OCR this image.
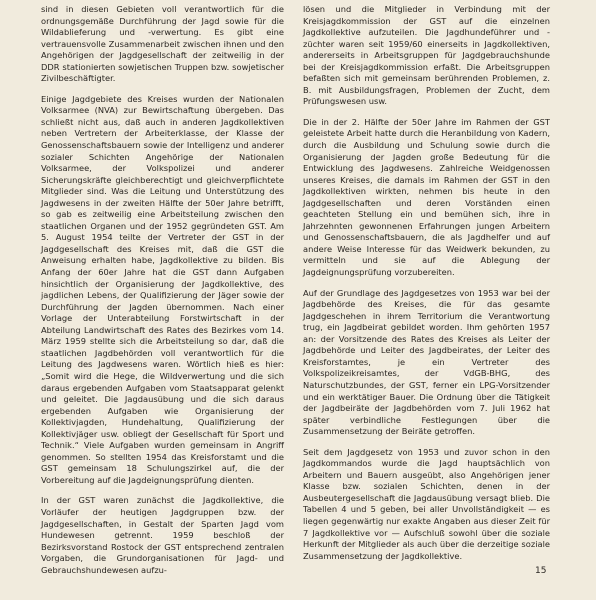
sind in diesen Gebieten voll verantwortlich für die ordnungsgemäße Durchführung der Jagd sowie für die Wildablieferung und -verwertung. Es gibt eine vertrauensvolle Zusammenarbeit zwischen ihnen und den Angehörigen der Jagdgesellschaft der zeitweilig in der DDR stationierten sowjetischen Truppen bzw. sowjetischer Zivilbeschäftigter.

Einige Jagdgebiete des Kreises wurden der Nationalen Volksarmee (NVA) zur Bewirtschaftung übergeben. Das schließt nicht aus, daß auch in anderen Jagdkollektiven neben Vertretern der Arbeiterklasse, der Klasse der Genossenschaftsbauern sowie der Intelligenz und anderer sozialer Schichten Angehörige der Nationalen Volksarmee, der Volkspolizei und anderer Sicherungskräfte gleichberechtigt und gleichverpflichtete Mitglieder sind. Was die Leitung und Unterstützung des Jagdwesens in der zweiten Hälfte der 50er Jahre betrifft, so gab es zeitweilig eine Arbeitsteilung zwischen den staatlichen Organen und der 1952 gegründeten GST. Am 5. August 1954 teilte der Vertreter der GST in der Jagdgesellschaft des Kreises mit, daß die GST die Anweisung erhalten habe, Jagdkollektive zu bilden. Bis Anfang der 60er Jahre hat die GST dann Aufgaben hinsichtlich der Organisierung der Jagdkollektive, des jagdlichen Lebens, der Qualifizierung der Jäger sowie der Durchführung der Jagden übernommen. Nach einer Vorlage der Unterabteilung Forstwirtschaft in der Abteilung Landwirtschaft des Rates des Bezirkes vom 14. März 1959 stellte sich die Arbeitsteilung so dar, daß die staatlichen Jagdbehörden voll verantwortlich für die Leitung des Jagdwesens waren. Wörtlich hieß es hier: „Somit wird die Hege, die Wildverwertung und die sich daraus ergebenden Aufgaben vom Staatsapparat gelenkt und geleitet. Die Jagdausübung und die sich daraus ergebenden Aufgaben wie Organisierung der Kollektivjagden, Hundehaltung, Qualifizierung der Kollektivjäger usw. obliegt der Gesellschaft für Sport und Technik.“ Viele Aufgaben wurden gemeinsam in Angriff genommen. So stellten 1954 das Kreisforstamt und die GST gemeinsam 18 Schulungszirkel auf, die der Vorbereitung auf die Jagdeignungsprüfung dienten.

In der GST waren zunächst die Jagdkollektive, die Vorläufer der heutigen Jagdgruppen bzw. der Jagdgesellschaften, in Gestalt der Sparten Jagd vom Hundewesen getrennt. 1959 beschloß der Bezirksvorstand Rostock der GST entsprechend zentralen Vorgaben, die Grundorganisationen für Jagd- und Gebrauchshundewesen aufzu-

lösen und die Mitglieder in Verbindung mit der Kreisjagdkommission der GST auf die einzelnen Jagdkollektive aufzuteilen. Die Jagdhundeführer und -züchter waren seit 1959/60 einerseits in Jagdkollektiven, andererseits in Arbeitsgruppen für Jagdgebrauchshunde bei der Kreisjagdkommission erfaßt. Die Arbeitsgruppen befaßten sich mit gemeinsam berührenden Problemen, z. B. mit Ausbildungsfragen, Problemen der Zucht, dem Prüfungswesen usw.

Die in der 2. Hälfte der 50er Jahre im Rahmen der GST geleistete Arbeit hatte durch die Heranbildung von Kadern, durch die Ausbildung und Schulung sowie durch die Organisierung der Jagden große Bedeutung für die Entwicklung des Jagdwesens. Zahlreiche Weidgenossen unseres Kreises, die damals im Rahmen der GST in den Jagdkollektiven wirkten, nehmen bis heute in den Jagdgesellschaften und deren Vorständen einen geachteten Stellung ein und bemühen sich, ihre in Jahrzehnten gewonnenen Erfahrungen jungen Arbeitern und Genossenschaftsbauern, die als Jagdhelfer und auf andere Weise Interesse für das Weidwerk bekunden, zu vermitteln und sie auf die Ablegung der Jagdeignungsprüfung vorzubereiten.

Auf der Grundlage des Jagdgesetzes von 1953 war bei der Jagdbehörde des Kreises, die für das gesamte Jagdgeschehen in ihrem Territorium die Verantwortung trug, ein Jagdbeirat gebildet worden. Ihm gehörten 1957 an: der Vorsitzende des Rates des Kreises als Leiter der Jagdbehörde und Leiter des Jagdbeirates, der Leiter des Kreisforstamtes, je ein Vertreter des Volkspolizeikreisamtes, der VdGB-BHG, des Naturschutzbundes, der GST, ferner ein LPG-Vorsitzender und ein werktätiger Bauer. Die Ordnung über die Tätigkeit der Jagdbeiräte der Jagdbehörden vom 7. Juli 1962 hat später verbindliche Festlegungen über die Zusammensetzung der Beiräte getroffen.

Seit dem Jagdgesetz von 1953 und zuvor schon in den Jagdkommandos wurde die Jagd hauptsächlich von Arbeitern und Bauern ausgeübt, also Angehörigen jener Klasse bzw. sozialen Schichten, denen in der Ausbeutergesellschaft die Jagdausübung versagt blieb. Die Tabellen 4 und 5 geben, bei aller Unvollständigkeit — es liegen gegenwärtig nur exakte Angaben aus dieser Zeit für 7 Jagdkollektive vor — Aufschluß sowohl über die soziale Herkunft der Mitglieder als auch über die derzeitige soziale Zusammensetzung der Jagdkollektive.

15
